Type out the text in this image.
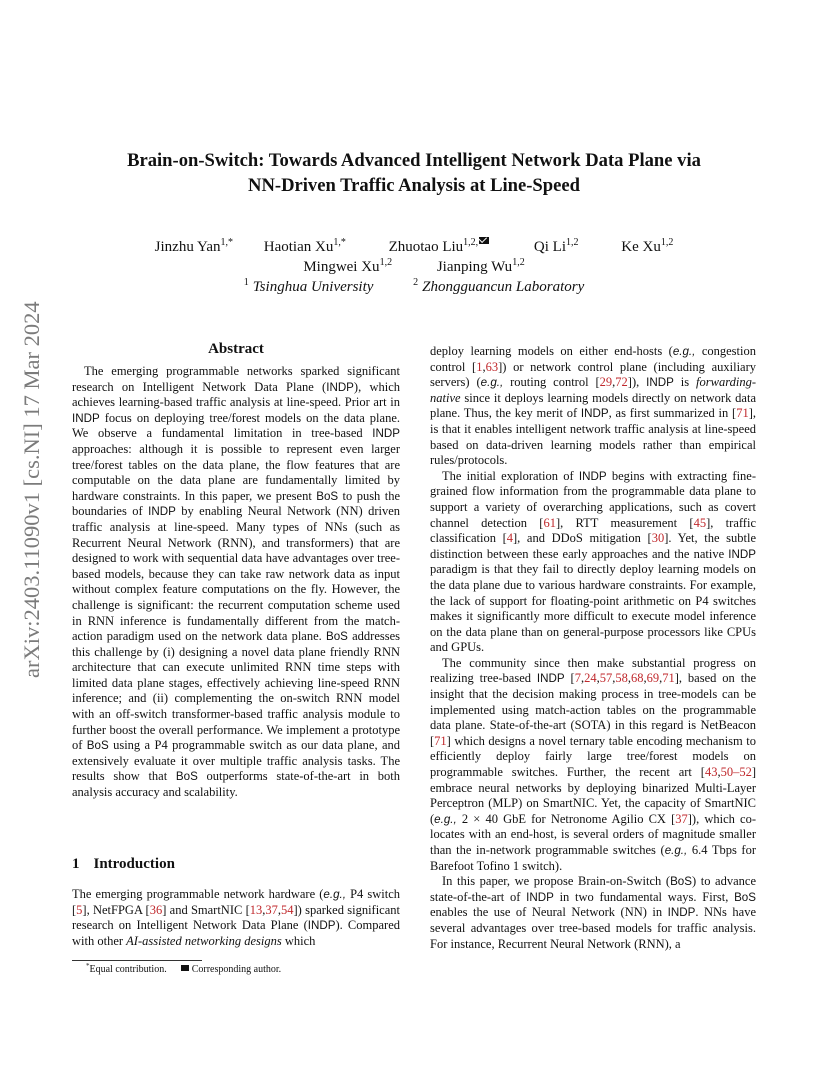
arXiv:2403.11090v1 [cs.NI] 17 Mar 2024
Brain-on-Switch: Towards Advanced Intelligent Network Data Plane via
NN-Driven Traffic Analysis at Line-Speed
Jinzhu Yan$^{1,*}$ Haotian $Xu^{1,*}$	Zhuotao Liu$^{1,2,}$	Qi Li$^{1,2}$	Ke Xu$^{1,2}$
Mingwei Xu$^{1,2}$	Jianping Wu$^{1,2}$
$^1$ Tsinghua University	$^2$ Zhongguancun Laboratory
Abstract

The emerging programmable networks sparked significant research on Intelligent Network Data Plane (INDP), which achieves learning-based traffic analysis at line-speed. Prior art in INDP focus on deploying tree/forest models on the data plane. We observe a fundamental limitation in tree-based INDP approaches: although it is possible to represent even larger tree/forest tables on the data plane, the flow features that are computable on the data plane are fundamentally limited by hardware constraints. In this paper, we present BoS to push the boundaries of INDP by enabling Neural Network (NN) driven traffic analysis at line-speed. Many types of NNs (such as Recurrent Neural Network (RNN), and transformers) that are designed to work with sequential data have advantages over tree-based models, because they can take raw network data as input without complex feature computations on the fly. However, the challenge is significant: the recurrent computation scheme used in RNN inference is fundamentally different from the match-action paradigm used on the network data plane. BoS addresses this challenge by (i) designing a novel data plane friendly RNN architecture that can execute unlimited RNN time steps with limited data plane stages, effectively achieving line-speed RNN inference; and (ii) complementing the on-switch RNN model with an off-switch transformer-based traffic analysis module to further boost the overall performance. We implement a prototype of BoS using a P4 programmable switch as our data plane, and extensively evaluate it over multiple traffic analysis tasks. The results show that BoS outperforms state-of-the-art in both analysis accuracy and scalability.

1 Introduction

The emerging programmable network hardware (e.g., P4 switch [5], NetFPGA [36] and SmartNIC [13,37,54]) sparked significant research on Intelligent Network Data Plane (INDP). Compared with other AI-assisted networking designs which

*Equal contribution.	Corresponding author.

deploy learning models on either end-hosts (e.g., congestion control [1,63]) or network control plane (including auxiliary servers) (e.g., routing control [29,72]), INDP is forwarding-native since it deploys learning models directly on network data plane. Thus, the key merit of INDP, as first summarized in [71], is that it enables intelligent network traffic analysis at line-speed based on data-driven learning models rather than empirical rules/protocols.

The initial exploration of INDP begins with extracting fine-grained flow information from the programmable data plane to support a variety of overarching applications, such as covert channel detection [61], RTT measurement [45], traffic classification [4], and DDoS mitigation [30]. Yet, the subtle distinction between these early approaches and the native INDP paradigm is that they fail to directly deploy learning models on the data plane due to various hardware constraints. For example, the lack of support for floating-point arithmetic on P4 switches makes it significantly more difficult to execute model inference on the data plane than on general-purpose processors like CPUs and GPUs.

The community since then make substantial progress on realizing tree-based INDP [7,24,57,58,68,69,71], based on the insight that the decision making process in tree-models can be implemented using match-action tables on the programmable data plane. State-of-the-art (SOTA) in this regard is NetBeacon [71] which designs a novel ternary table encoding mechanism to efficiently deploy fairly large tree/forest models on programmable switches. Further, the recent art [43,50–52] embrace neural networks by deploying binarized Multi-Layer Perceptron (MLP) on SmartNIC. Yet, the capacity of SmartNIC (e.g., 2 × 40 GbE for Netronome Agilio CX [37]), which co-locates with an end-host, is several orders of magnitude smaller than the in-network programmable switches (e.g., 6.4 Tbps for Barefoot Tofino 1 switch).

In this paper, we propose Brain-on-Switch (BoS) to advance state-of-the-art of INDP in two fundamental ways. First, BoS enables the use of Neural Network (NN) in INDP. NNs have several advantages over tree-based models for traffic analysis. For instance, Recurrent Neural Network (RNN), a
